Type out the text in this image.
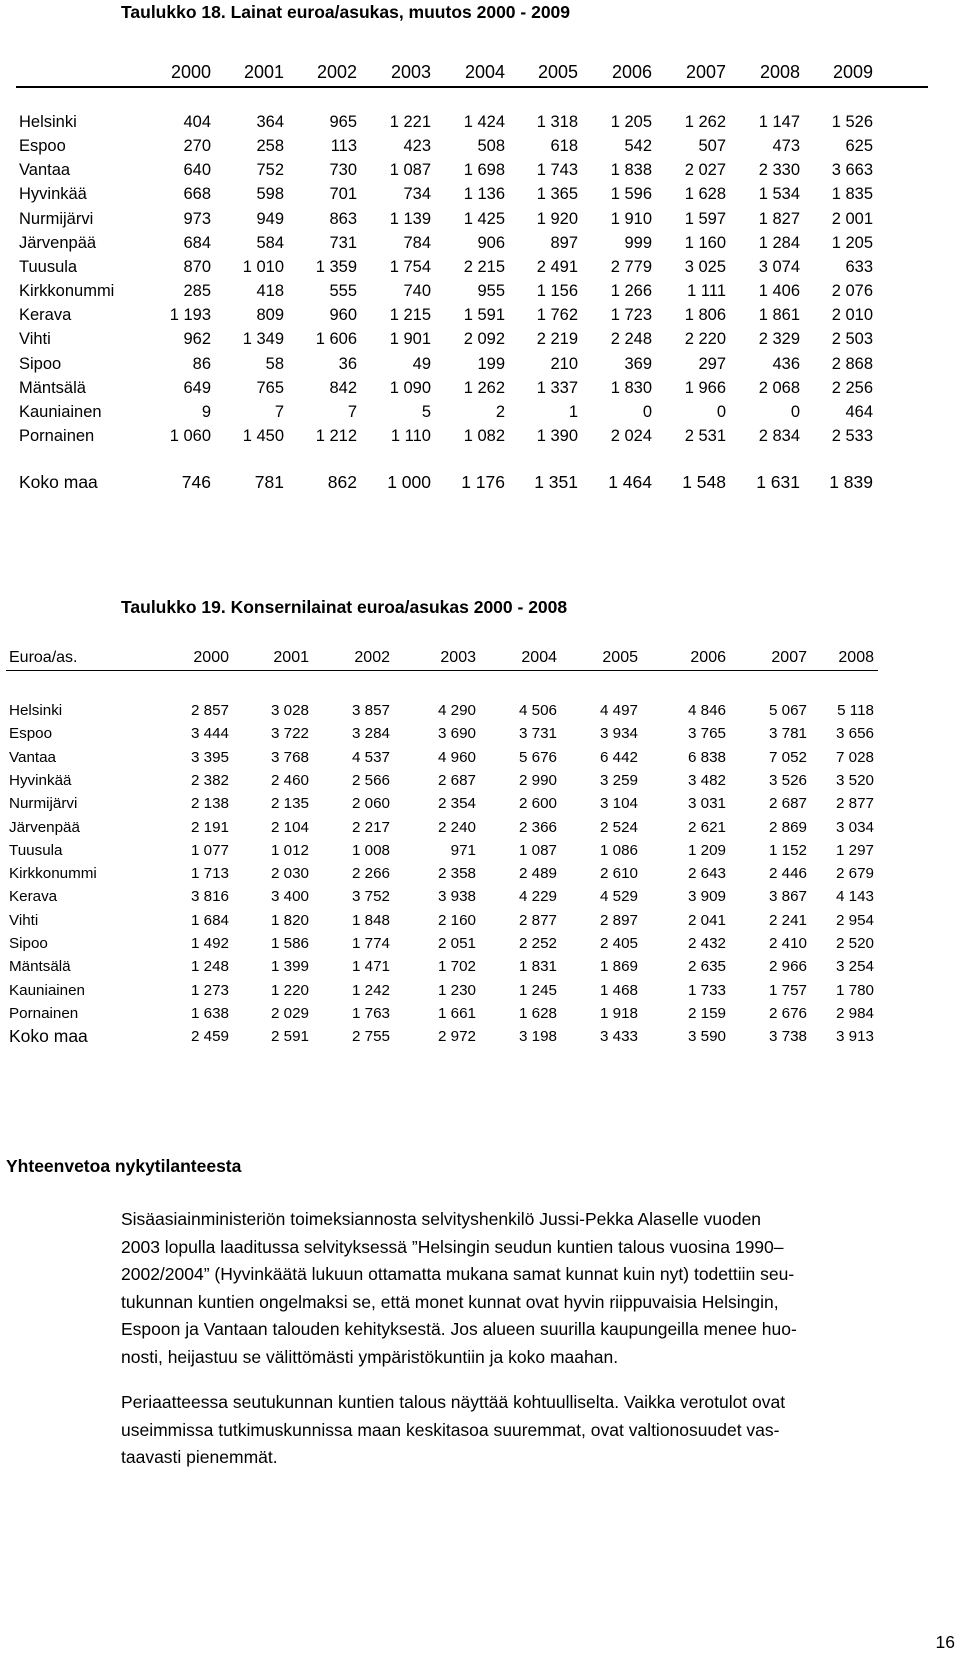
Taulukko 18. Lainat euroa/asukas, muutos 2000 - 2009
2000	2001	2002	2003	2004	2005	2006	2007	2008	2009
Helsinki	404	364	965	1 221	1 424	1 318	1 205	1 262	1 147	1 526
Espoo	270	258	113	423	508	618	542	507	473	625
Vantaa	640	752	730	1 087	1 698	1 743	1 838	2 027	2 330	3 663
Hyvinkää	668	598	701	734	1 136	1 365	1 596	1 628	1 534	1 835
Nurmijärvi	973	949	863	1 139	1 425	1 920	1 910	1 597	1 827	2 001
Järvenpää	684	584	731	784	906	897	999	1 160	1 284	1 205
Tuusula	870	1 010	1 359	1 754	2 215	2 491	2 779	3 025	3 074	633
Kirkkonummi	285	418	555	740	955	1 156	1 266	1 111	1 406	2 076
Kerava	1 193	809	960	1 215	1 591	1 762	1 723	1 806	1 861	2 010
Vihti	962	1 349	1 606	1 901	2 092	2 219	2 248	2 220	2 329	2 503
Sipoo	86	58	36	49	199	210	369	297	436	2 868
Mäntsälä	649	765	842	1 090	1 262	1 337	1 830	1 966	2 068	2 256
Kauniainen	9	7	7	5	2	1	0	0	0	464
Pornainen	1 060	1 450	1 212	1 110	1 082	1 390	2 024	2 531	2 834	2 533
Koko maa	746	781	862	1 000	1 176	1 351	1 464	1 548	1 631	1 839
Taulukko 19. Konsernilainat euroa/asukas 2000 - 2008
Euroa/as.	2000	2001	2002	2003	2004	2005	2006	2007	2008
Helsinki	2 857	3 028	3 857	4 290	4 506	4 497	4 846	5 067	5 118
Espoo	3 444	3 722	3 284	3 690	3 731	3 934	3 765	3 781	3 656
Vantaa	3 395	3 768	4 537	4 960	5 676	6 442	6 838	7 052	7 028
Hyvinkää	2 382	2 460	2 566	2 687	2 990	3 259	3 482	3 526	3 520
Nurmijärvi	2 138	2 135	2 060	2 354	2 600	3 104	3 031	2 687	2 877
Järvenpää	2 191	2 104	2 217	2 240	2 366	2 524	2 621	2 869	3 034
Tuusula	1 077	1 012	1 008	971	1 087	1 086	1 209	1 152	1 297
Kirkkonummi	1 713	2 030	2 266	2 358	2 489	2 610	2 643	2 446	2 679
Kerava	3 816	3 400	3 752	3 938	4 229	4 529	3 909	3 867	4 143
Vihti	1 684	1 820	1 848	2 160	2 877	2 897	2 041	2 241	2 954
Sipoo	1 492	1 586	1 774	2 051	2 252	2 405	2 432	2 410	2 520
Mäntsälä	1 248	1 399	1 471	1 702	1 831	1 869	2 635	2 966	3 254
Kauniainen	1 273	1 220	1 242	1 230	1 245	1 468	1 733	1 757	1 780
Pornainen	1 638	2 029	1 763	1 661	1 628	1 918	2 159	2 676	2 984
Koko maa	2 459	2 591	2 755	2 972	3 198	3 433	3 590	3 738	3 913
Yhteenvetoa nykytilanteesta
Sisäasiainministeriön toimeksiannosta selvityshenkilö Jussi-Pekka Alaselle vuoden
2003 lopulla laaditussa selvityksessä ”Helsingin seudun kuntien talous vuosina 1990–
2002/2004” (Hyvinkäätä lukuun ottamatta mukana samat kunnat kuin nyt) todettiin seu-
tukunnan kuntien ongelmaksi se, että monet kunnat ovat hyvin riippuvaisia Helsingin,
Espoon ja Vantaan talouden kehityksestä. Jos alueen suurilla kaupungeilla menee huo-
nosti, heijastuu se välittömästi ympäristökuntiin ja koko maahan.
Periaatteessa seutukunnan kuntien talous näyttää kohtuulliselta. Vaikka verotulot ovat
useimmissa tutkimuskunnissa maan keskitasoa suuremmat, ovat valtionosuudet vas-
taavasti pienemmät.
16
